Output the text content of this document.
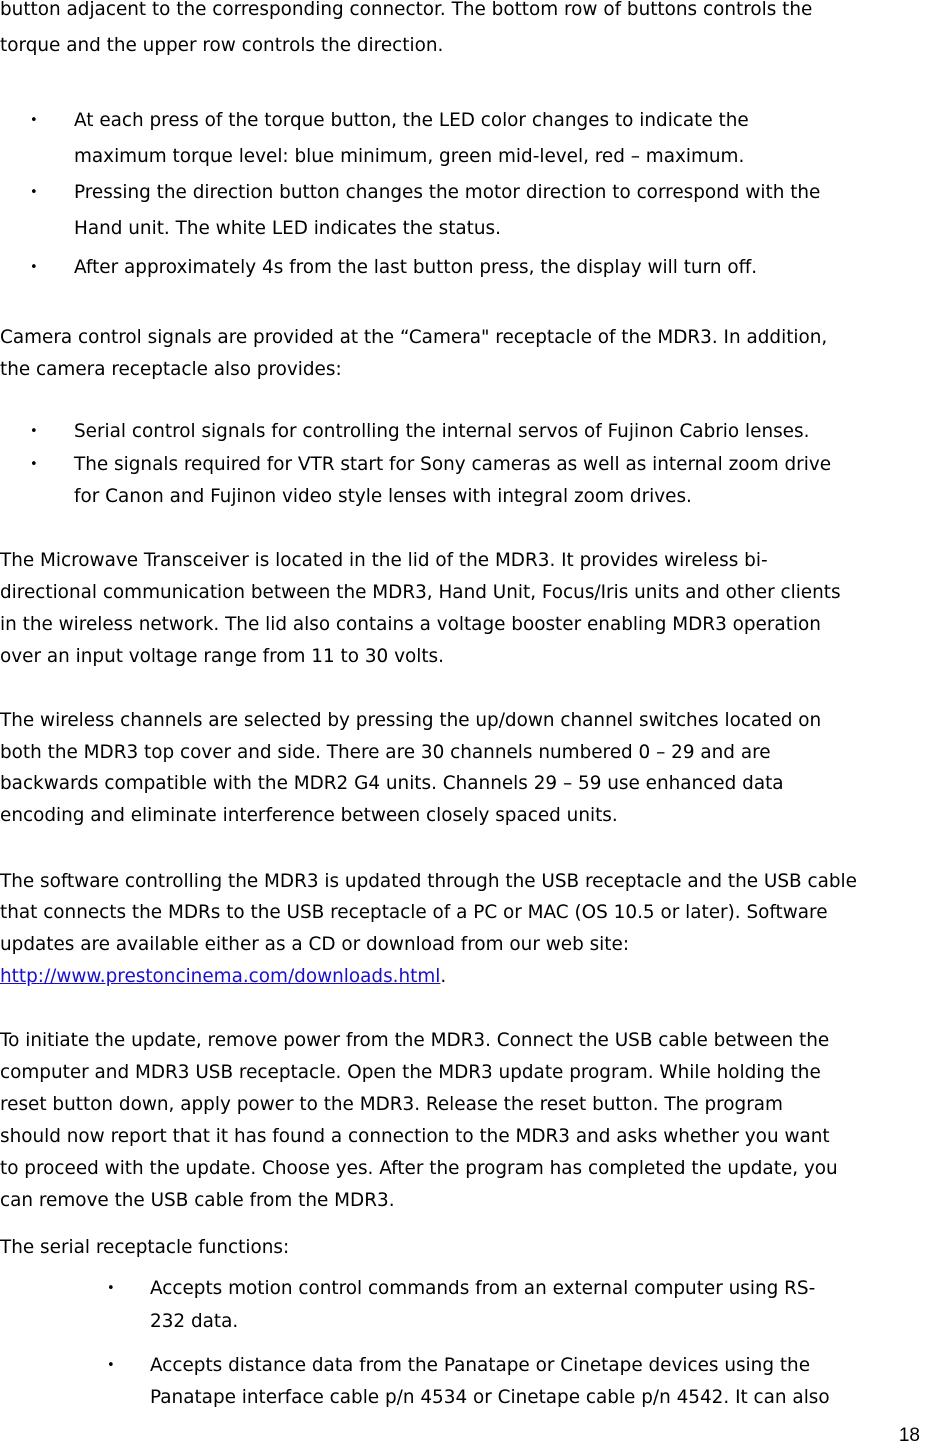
button adjacent to the corresponding connector. The bottom row of buttons controls the

torque and the upper row controls the direction.

• At each press of the torque button, the LED color changes to indicate the
maximum torque level: blue minimum, green mid-level, red – maximum.
• Pressing the direction button changes the motor direction to correspond with the
Hand unit. The white LED indicates the status.
• After approximately 4s from the last button press, the display will turn off.

Camera control signals are provided at the “Camera" receptacle of the MDR3. In addition,

the camera receptacle also provides:

• Serial control signals for controlling the internal servos of Fujinon Cabrio lenses.
• The signals required for VTR start for Sony cameras as well as internal zoom drive
for Canon and Fujinon video style lenses with integral zoom drives.

The Microwave Transceiver is located in the lid of the MDR3. It provides wireless bi-

directional communication between the MDR3, Hand Unit, Focus/Iris units and other clients

in the wireless network. The lid also contains a voltage booster enabling MDR3 operation

over an input voltage range from 11 to 30 volts.

The wireless channels are selected by pressing the up/down channel switches located on

both the MDR3 top cover and side. There are 30 channels numbered 0 – 29 and are

backwards compatible with the MDR2 G4 units. Channels 29 – 59 use enhanced data

encoding and eliminate interference between closely spaced units.

The software controlling the MDR3 is updated through the USB receptacle and the USB cable

that connects the MDRs to the USB receptacle of a PC or MAC (OS 10.5 or later). Software

updates are available either as a CD or download from our web site:

http://www.prestoncinema.com/downloads.html.

To initiate the update, remove power from the MDR3. Connect the USB cable between the

computer and MDR3 USB receptacle. Open the MDR3 update program. While holding the

reset button down, apply power to the MDR3. Release the reset button. The program

should now report that it has found a connection to the MDR3 and asks whether you want

to proceed with the update. Choose yes. After the program has completed the update, you

can remove the USB cable from the MDR3.

The serial receptacle functions:

• Accepts motion control commands from an external computer using RS-
232 data.
• Accepts distance data from the Panatape or Cinetape devices using the
Panatape interface cable p/n 4534 or Cinetape cable p/n 4542. It can also
18
